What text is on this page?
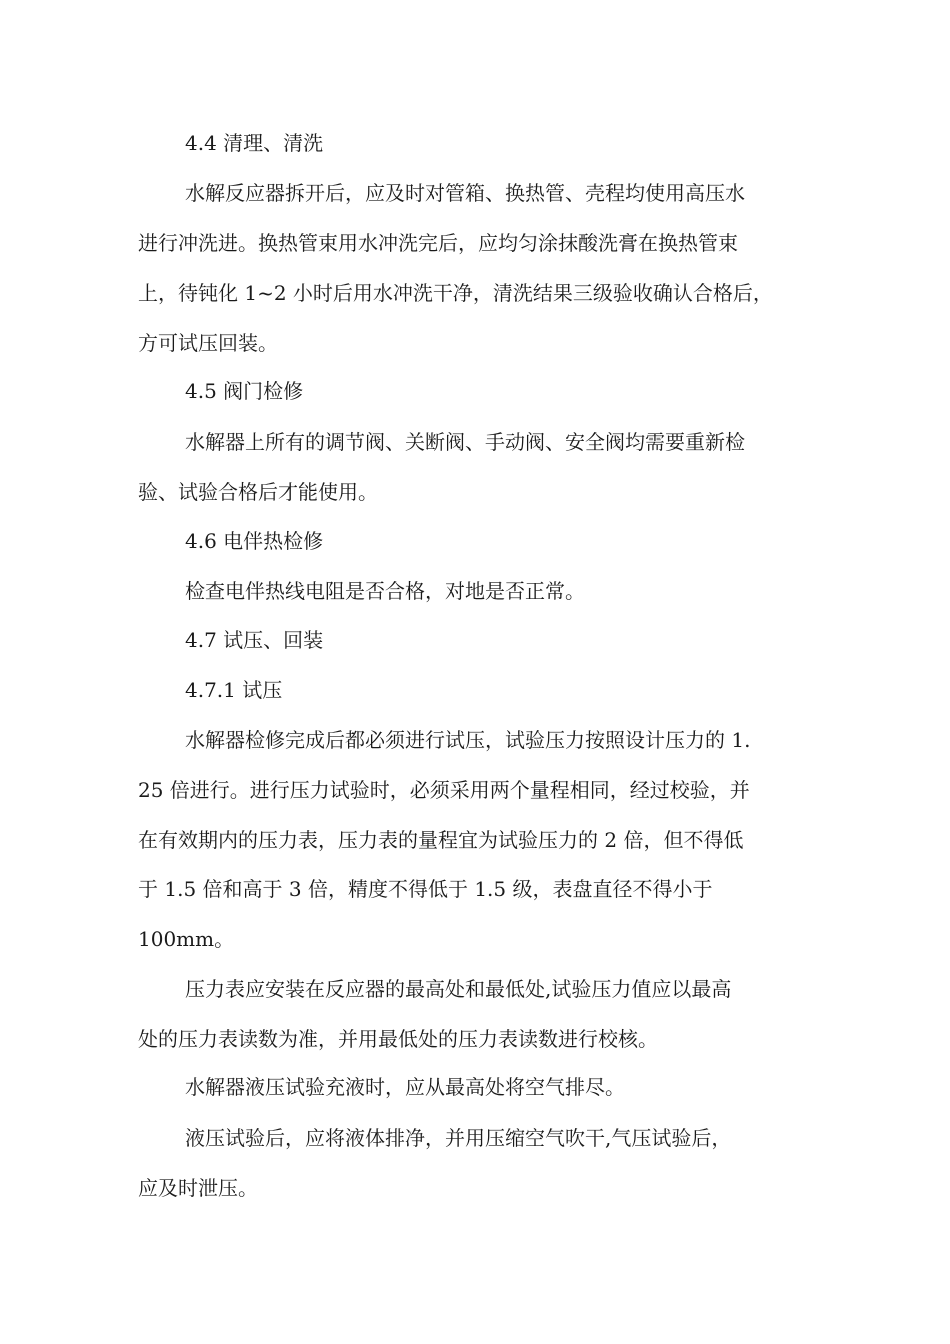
4.4 清理、清洗
水解反应器拆开后，应及时对管箱、换热管、壳程均使用高压水
进行冲洗进。换热管束用水冲洗完后，应均匀涂抹酸洗膏在换热管束
上，待钝化 1~2 小时后用水冲洗干净，清洗结果三级验收确认合格后，
方可试压回装。
4.5 阀门检修
水解器上所有的调节阀、关断阀、手动阀、安全阀均需要重新检
验、试验合格后才能使用。
4.6 电伴热检修
检查电伴热线电阻是否合格，对地是否正常。
4.7 试压、回装
4.7.1 试压
水解器检修完成后都必须进行试压，试验压力按照设计压力的 1.
25 倍进行。进行压力试验时，必须采用两个量程相同，经过校验，并
在有效期内的压力表，压力表的量程宜为试验压力的 2 倍，但不得低
于 1.5 倍和高于 3 倍，精度不得低于 1.5 级，表盘直径不得小于
100mm。
压力表应安装在反应器的最高处和最低处,试验压力值应以最高
处的压力表读数为准，并用最低处的压力表读数进行校核。
水解器液压试验充液时，应从最高处将空气排尽。
液压试验后，应将液体排净，并用压缩空气吹干,气压试验后，
应及时泄压。
